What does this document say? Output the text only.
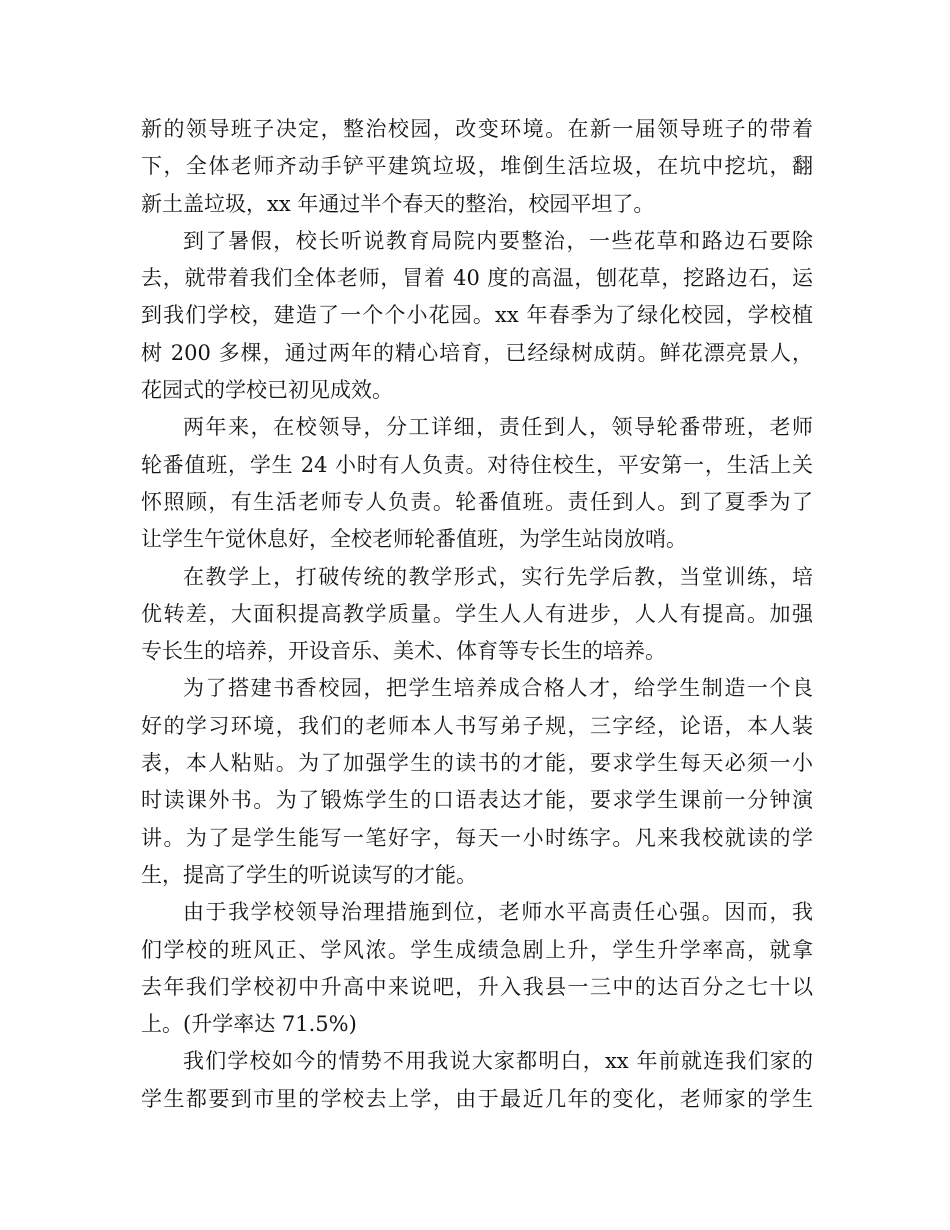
新的领导班子决定，整治校园，改变环境。在新一届领导班子的带着
下，全体老师齐动手铲平建筑垃圾，堆倒生活垃圾，在坑中挖坑，翻
新土盖垃圾，xx 年通过半个春天的整治，校园平坦了。
到了暑假，校长听说教育局院内要整治，一些花草和路边石要除
去，就带着我们全体老师，冒着 40 度的高温，刨花草，挖路边石，运
到我们学校，建造了一个个小花园。xx 年春季为了绿化校园，学校植
树 200 多棵，通过两年的精心培育，已经绿树成荫。鲜花漂亮景人，
花园式的学校已初见成效。
两年来，在校领导，分工详细，责任到人，领导轮番带班，老师
轮番值班，学生 24 小时有人负责。对待住校生，平安第一，生活上关
怀照顾，有生活老师专人负责。轮番值班。责任到人。到了夏季为了
让学生午觉休息好，全校老师轮番值班，为学生站岗放哨。
在教学上，打破传统的教学形式，实行先学后教，当堂训练，培
优转差，大面积提高教学质量。学生人人有进步，人人有提高。加强
专长生的培养，开设音乐、美术、体育等专长生的培养。
为了搭建书香校园，把学生培养成合格人才，给学生制造一个良
好的学习环境，我们的老师本人书写弟子规，三字经，论语，本人装
表，本人粘贴。为了加强学生的读书的才能，要求学生每天必须一小
时读课外书。为了锻炼学生的口语表达才能，要求学生课前一分钟演
讲。为了是学生能写一笔好字，每天一小时练字。凡来我校就读的学
生，提高了学生的听说读写的才能。
由于我学校领导治理措施到位，老师水平高责任心强。因而，我
们学校的班风正、学风浓。学生成绩急剧上升，学生升学率高，就拿
去年我们学校初中升高中来说吧，升入我县一三中的达百分之七十以
上。(升学率达 71.5%)
我们学校如今的情势不用我说大家都明白，xx 年前就连我们家的
学生都要到市里的学校去上学，由于最近几年的变化，老师家的学生
